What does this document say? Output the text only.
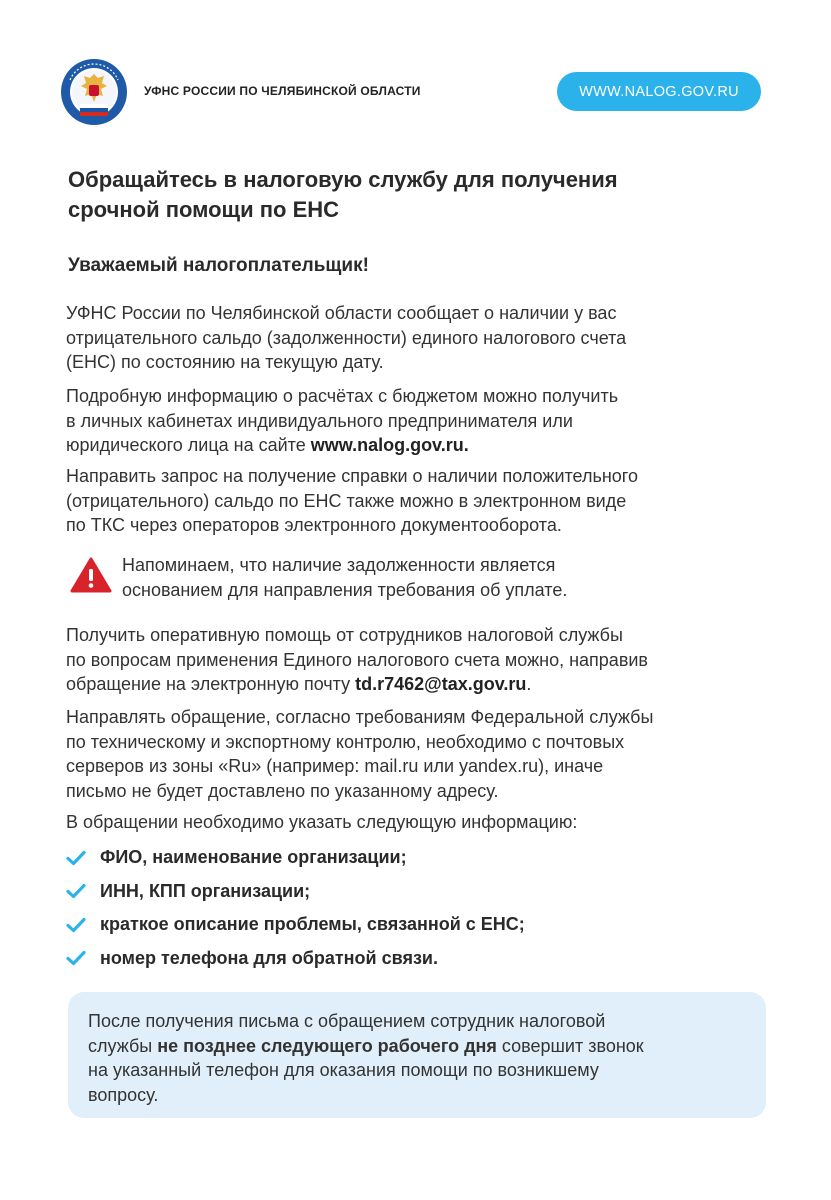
УФНС РОССИИ ПО ЧЕЛЯБИНСКОЙ ОБЛАСТИ	WWW.NALOG.GOV.RU
Обращайтесь в налоговую службу для получения
срочной помощи по ЕНС
Уважаемый налогоплательщик!

УФНС России по Челябинской области сообщает о наличии у вас
отрицательного сальдо (задолженности) единого налогового счета
(ЕНС) по состоянию на текущую дату.

Подробную информацию о расчётах с бюджетом можно получить
в личных кабинетах индивидуального предпринимателя или
юридического лица на сайте www.nalog.gov.ru.

Направить запрос на получение справки о наличии положительного
(отрицательного) сальдо по ЕНС также можно в электронном виде
по ТКС через операторов электронного документооборота.

Напоминаем, что наличие задолженности является
основанием для направления требования об уплате.

Получить оперативную помощь от сотрудников налоговой службы
по вопросам применения Единого налогового счета можно, направив
обращение на электронную почту td.r7462@tax.gov.ru.

Направлять обращение, согласно требованиям Федеральной службы
по техническому и экспортному контролю, необходимо с почтовых
серверов из зоны «Ru» (например: mail.ru или yandex.ru), иначе
письмо не будет доставлено по указанному адресу.

В обращении необходимо указать следующую информацию:

ФИО, наименование организации;
ИНН, КПП организации;
краткое описание проблемы, связанной с ЕНС;
номер телефона для обратной связи.
После получения письма с обращением сотрудник налоговой
службы не позднее следующего рабочего дня совершит звонок
на указанный телефон для оказания помощи по возникшему
вопросу.
